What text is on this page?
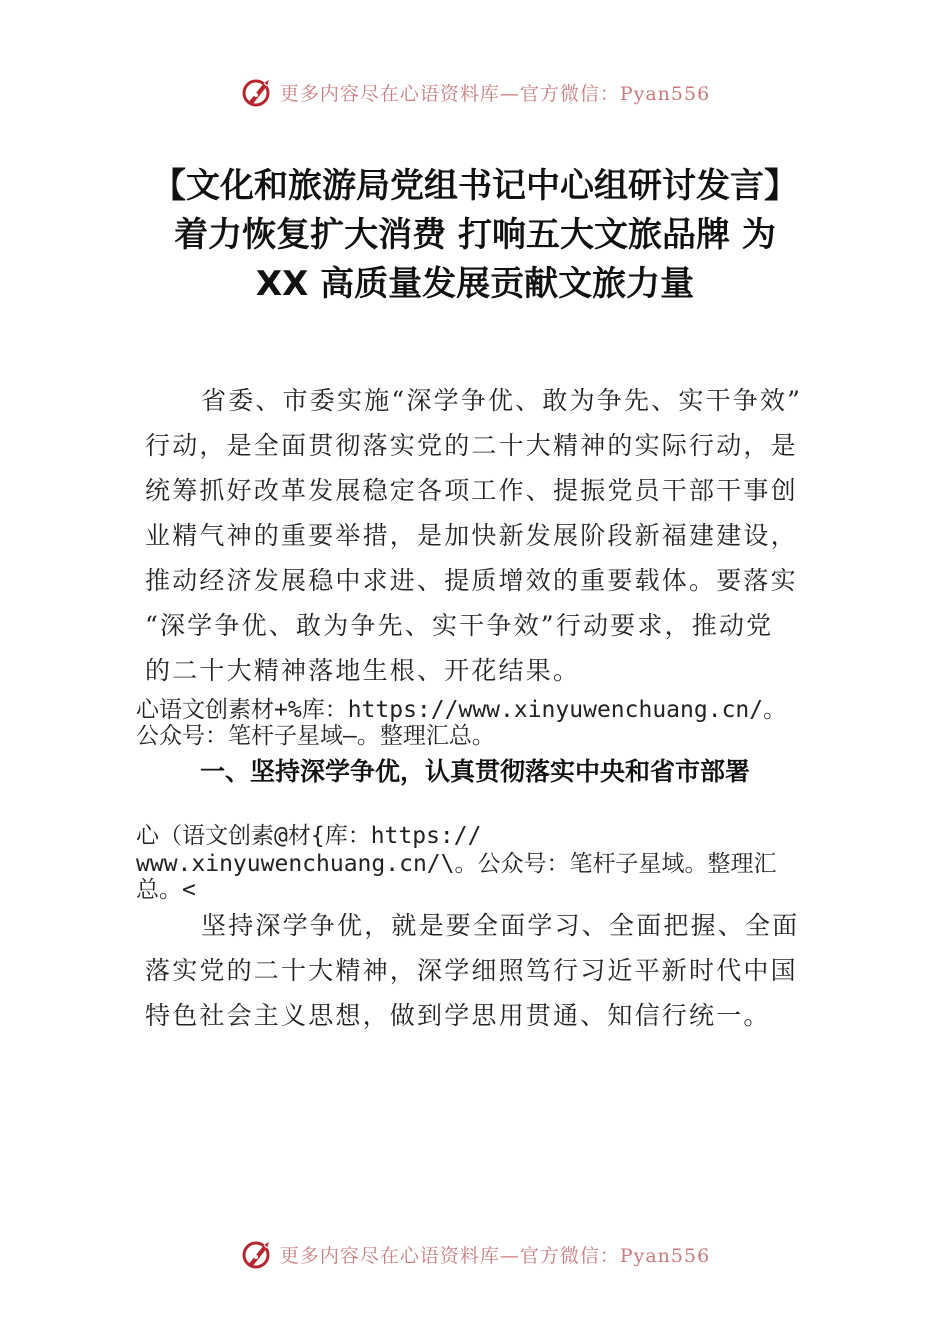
更多内容尽在心语资料库—官方微信：Pyan556
【文化和旅游局党组书记中心组研讨发言】
着力恢复扩大消费 打响五大文旅品牌 为
XX 高质量发展贡献文旅力量
省委、市委实施“深学争优、敢为争先、实干争效”
行动，是全面贯彻落实党的二十大精神的实际行动，是
统筹抓好改革发展稳定各项工作、提振党员干部干事创
业精气神的重要举措，是加快新发展阶段新福建建设，
推动经济发展稳中求进、提质增效的重要载体。要落实
“深学争优、敢为争先、实干争效”行动要求，推动党
的二十大精神落地生根、开花结果。
心语文创素材+%库：https://www.xinyuwenchuang.cn/。
公众号：笔杆子星域—。整理汇总。
一、坚持深学争优，认真贯彻落实中央和省市部署
心（语文创素@材{库：https://
www.xinyuwenchuang.cn/\。公众号：笔杆子星域。整理汇
总。<
坚持深学争优，就是要全面学习、全面把握、全面
落实党的二十大精神，深学细照笃行习近平新时代中国
特色社会主义思想，做到学思用贯通、知信行统一。
更多内容尽在心语资料库—官方微信：Pyan556
